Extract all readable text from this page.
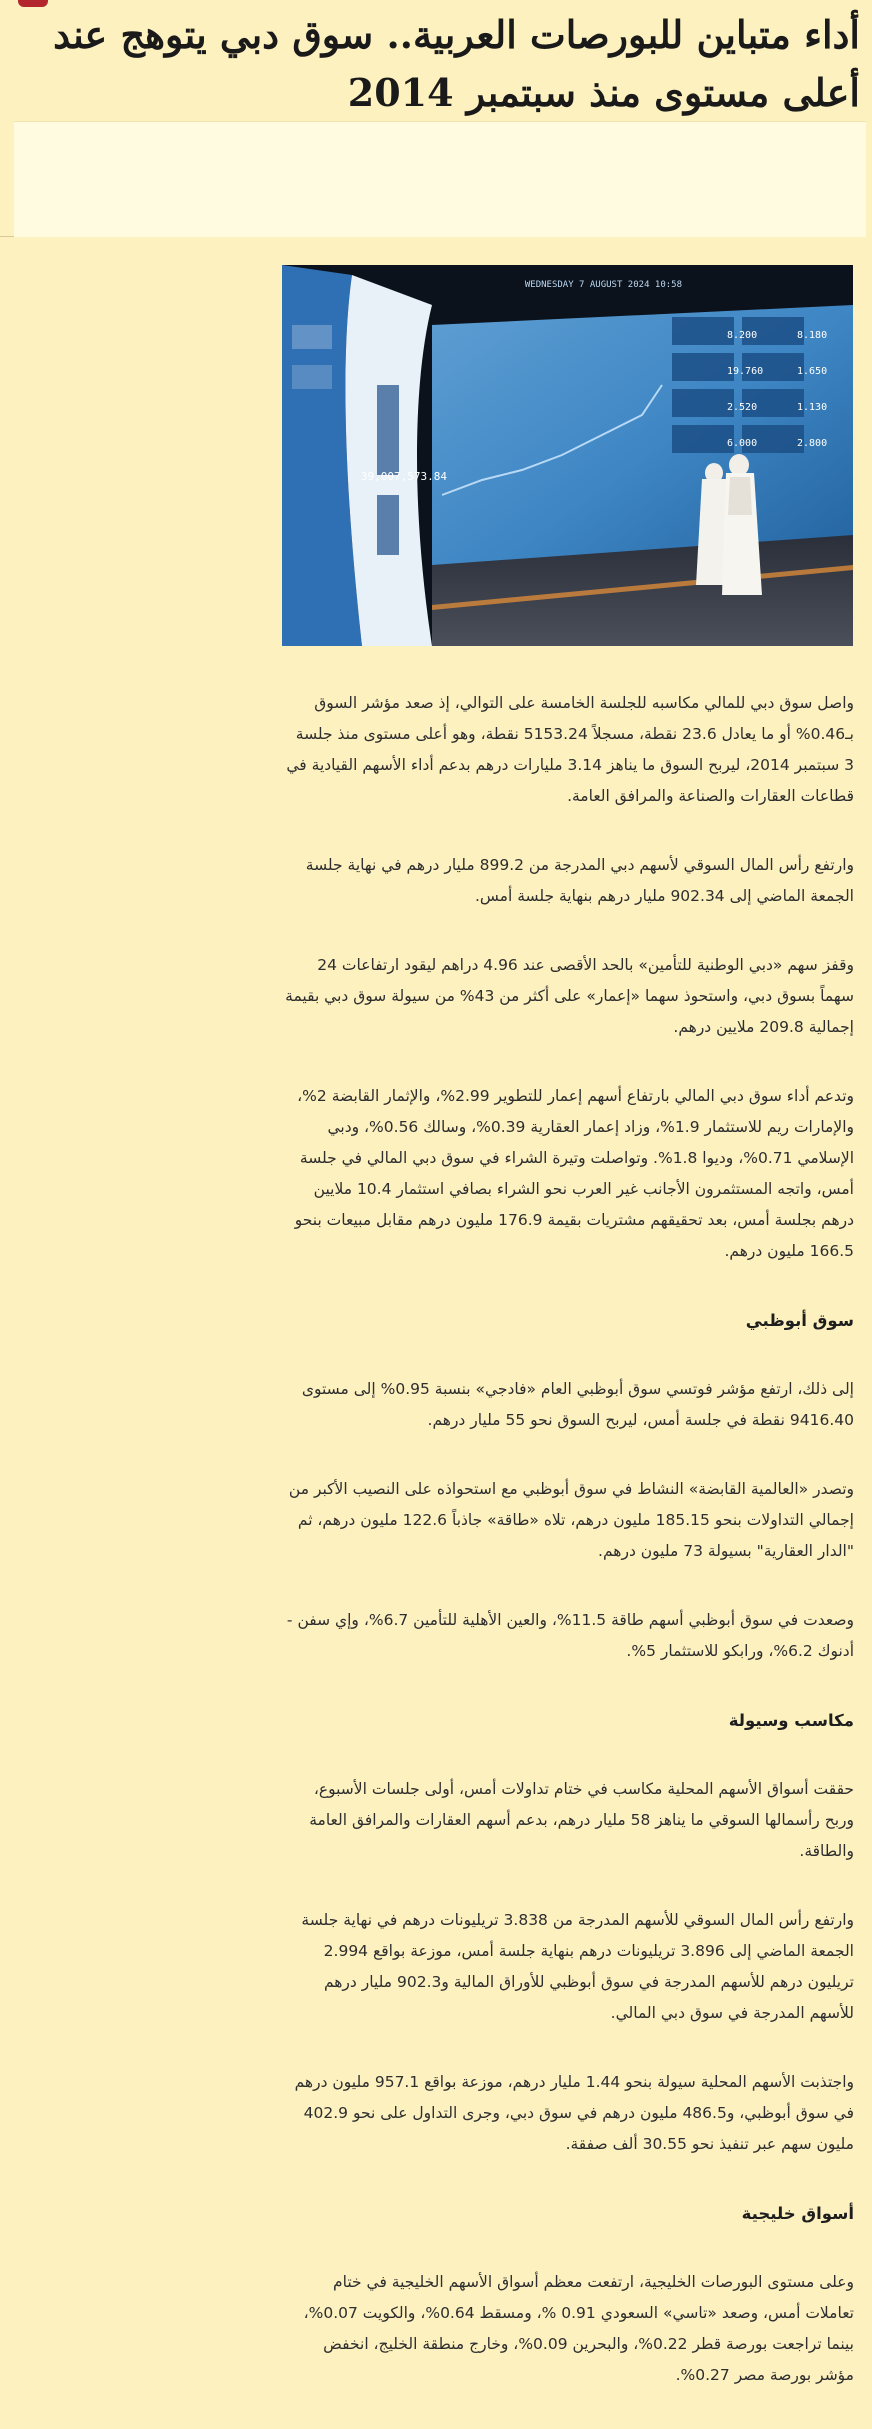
أداء متباين للبورصات العربية.. سوق دبي يتوهج عند أعلى مستوى منذ سبتمبر 2014
10:58 WEDNESDAY 7 AUGUST 2024
8.200	8.180
19.760	1.650
2.520	1.130
6.000	2.800
39,007,573.84

واصل سوق دبي للمالي مكاسبه للجلسة الخامسة على التوالي، إذ صعد مؤشر السوق بـ0.46% أو ما يعادل 23.6 نقطة، مسجلاً 5153.24 نقطة، وهو أعلى مستوى منذ جلسة 3 سبتمبر 2014، ليربح السوق ما يناهز 3.14 مليارات درهم بدعم أداء الأسهم القيادية في قطاعات العقارات والصناعة والمرافق العامة.

وارتفع رأس المال السوقي لأسهم دبي المدرجة من 899.2 مليار درهم في نهاية جلسة الجمعة الماضي إلى 902.34 مليار درهم بنهاية جلسة أمس.

وقفز سهم «دبي الوطنية للتأمين» بالحد الأقصى عند 4.96 دراهم ليقود ارتفاعات 24 سهماً بسوق دبي، واستحوذ سهما «إعمار» على أكثر من 43% من سيولة سوق دبي بقيمة إجمالية 209.8 ملايين درهم.

وتدعم أداء سوق دبي المالي بارتفاع أسهم إعمار للتطوير 2.99%، والإثمار القابضة 2%، والإمارات ريم للاستثمار 1.9%، وزاد إعمار العقارية 0.39%، وسالك 0.56%، ودبي الإسلامي 0.71%، وديوا 1.8%. وتواصلت وتيرة الشراء في سوق دبي المالي في جلسة أمس، واتجه المستثمرون الأجانب غير العرب نحو الشراء بصافي استثمار 10.4 ملايين درهم بجلسة أمس، بعد تحقيقهم مشتريات بقيمة 176.9 مليون درهم مقابل مبيعات بنحو 166.5 مليون درهم.

سوق أبوظبي

إلى ذلك، ارتفع مؤشر فوتسي سوق أبوظبي العام «فادجي» بنسبة 0.95% إلى مستوى 9416.40 نقطة في جلسة أمس، ليربح السوق نحو 55 مليار درهم.

وتصدر «العالمية القابضة» النشاط في سوق أبوظبي مع استحواذه على النصيب الأكبر من إجمالي التداولات بنحو 185.15 مليون درهم، تلاه «طاقة» جاذباً 122.6 مليون درهم، ثم "الدار العقارية" بسيولة 73 مليون درهم.

وصعدت في سوق أبوظبي أسهم طاقة 11.5%، والعين الأهلية للتأمين 6.7%، وإي سفن - أدنوك 6.2%، ورابكو للاستثمار 5%.

مكاسب وسيولة

حققت أسواق الأسهم المحلية مكاسب في ختام تداولات أمس، أولى جلسات الأسبوع، وربح رأسمالها السوقي ما يناهز 58 مليار درهم، بدعم أسهم العقارات والمرافق العامة والطاقة.

وارتفع رأس المال السوقي للأسهم المدرجة من 3.838 تريليونات درهم في نهاية جلسة الجمعة الماضي إلى 3.896 تريليونات درهم بنهاية جلسة أمس، موزعة بواقع 2.994 تريليون درهم للأسهم المدرجة في سوق أبوظبي للأوراق المالية و902.3 مليار درهم للأسهم المدرجة في سوق دبي المالي.

واجتذبت الأسهم المحلية سيولة بنحو 1.44 مليار درهم، موزعة بواقع 957.1 مليون درهم في سوق أبوظبي، و486.5 مليون درهم في سوق دبي، وجرى التداول على نحو 402.9 مليون سهم عبر تنفيذ نحو 30.55 ألف صفقة.

أسواق خليجية

وعلى مستوى البورصات الخليجية، ارتفعت معظم أسواق الأسهم الخليجية في ختام تعاملات أمس، وصعد «تاسي» السعودي 0.91 %، ومسقط 0.64%، والكويت 0.07%، بينما تراجعت بورصة قطر 0.22%، والبحرين 0.09%، وخارج منطقة الخليج، انخفض مؤشر بورصة مصر 0.27%.
